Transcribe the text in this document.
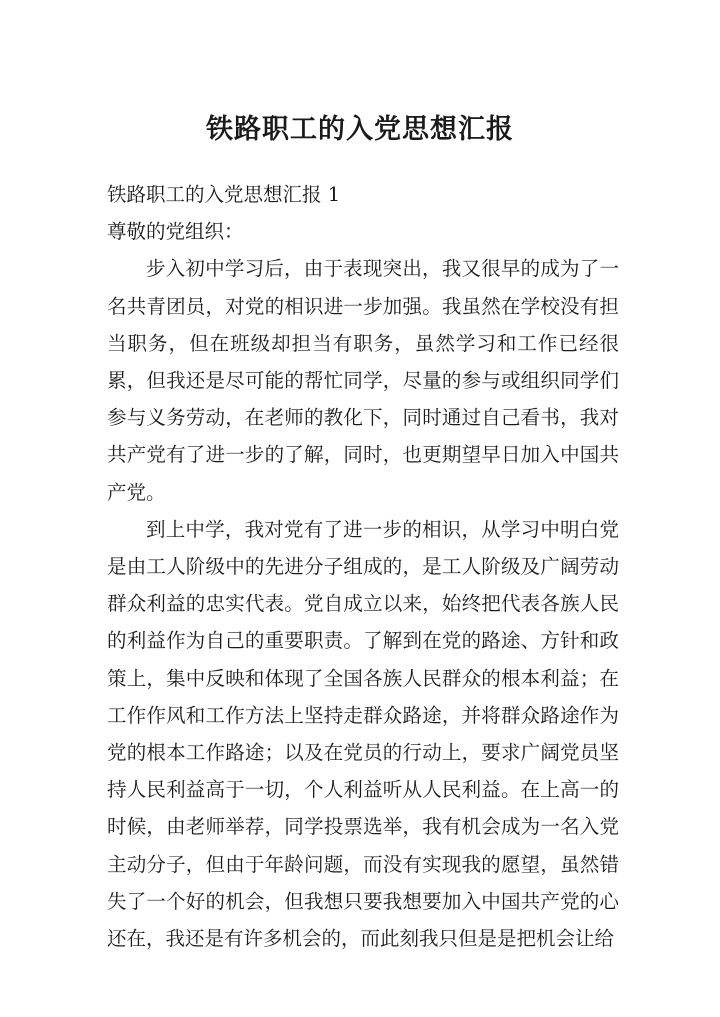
铁路职工的入党思想汇报

铁路职工的入党思想汇报 1

尊敬的党组织：

步入初中学习后，由于表现突出，我又很早的成为了一名共青团员，对党的相识进一步加强。我虽然在学校没有担当职务，但在班级却担当有职务，虽然学习和工作已经很累，但我还是尽可能的帮忙同学，尽量的参与或组织同学们参与义务劳动，在老师的教化下，同时通过自己看书，我对共产党有了进一步的了解，同时，也更期望早日加入中国共产党。

到上中学，我对党有了进一步的相识，从学习中明白党是由工人阶级中的先进分子组成的，是工人阶级及广阔劳动群众利益的忠实代表。党自成立以来，始终把代表各族人民的利益作为自己的重要职责。了解到在党的路途、方针和政策上，集中反映和体现了全国各族人民群众的根本利益；在工作作风和工作方法上坚持走群众路途，并将群众路途作为党的根本工作路途；以及在党员的行动上，要求广阔党员坚持人民利益高于一切，个人利益听从人民利益。在上高一的时候，由老师举荐，同学投票选举，我有机会成为一名入党主动分子，但由于年龄问题，而没有实现我的愿望，虽然错失了一个好的机会，但我想只要我想要加入中国共产党的心还在，我还是有许多机会的，而此刻我只但是是把机会让给
